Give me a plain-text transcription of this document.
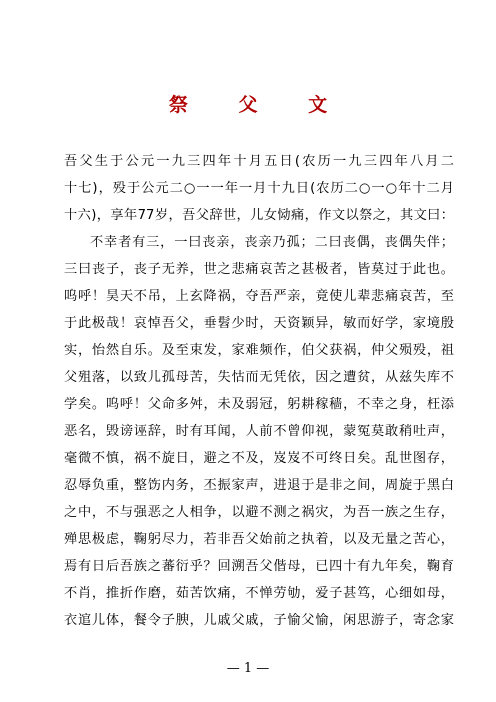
祭 父 文
吾父生于公元一九三四年十月五日(农历一九三四年八月二
十七)，殁于公元二○一一年一月十九日(农历二○一○年十二月
十六)，享年77岁，吾父辞世，儿女恸痛，作文以祭之，其文曰：
不幸者有三，一曰丧亲，丧亲乃孤；二曰丧偶，丧偶失伴；
三曰丧子，丧子无养，世之悲痛哀苦之甚极者，皆莫过于此也。
呜呼！昊天不吊，上玄降祸，夺吾严亲，竟使儿辈悲痛哀苦，至
于此极哉！哀悼吾父，垂髫少时，天资颖异，敏而好学，家境殷
实，怡然自乐。及至束发，家难频作，伯父获祸，仲父殒殁，祖
父殂落，以致儿孤母苦，失怙而无凭依，因之遭贫，从兹失库不
学矣。呜呼！父命多舛，未及弱冠，躬耕稼穑，不幸之身，枉添
恶名，毁谤诬辞，时有耳闻，人前不曾仰视，蒙冤莫敢稍吐声，
毫微不慎，祸不旋日，避之不及，岌岌不可终日矣。乱世图存，
忍辱负重，整饬内务，丕振家声，进退于是非之间，周旋于黑白
之中，不与强恶之人相争，以避不测之祸灾，为吾一族之生存，
殚思极虑，鞠躬尽力，若非吾父始前之执着，以及无量之苦心，
焉有日后吾族之蕃衍乎？回溯吾父偕母，已四十有九年矣，鞠育
不肖，推折作磨，茹苦饮痛，不惮劳劬，爱子甚笃，心细如母，
衣逭儿体，餐令子腴，儿戚父戚，子愉父愉，闲思游子，寄念家
— 1 —
